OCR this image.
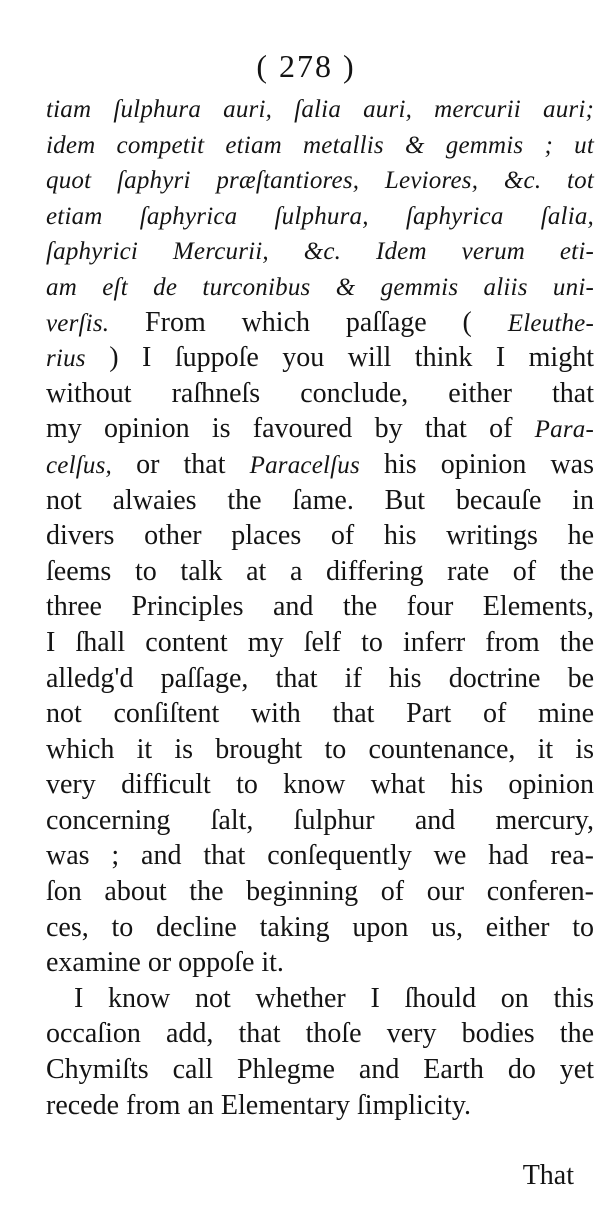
( 278 )
tiam ſulphura auri, ſalia auri, mercurii auri;
idem competit etiam metallis & gemmis ; ut
quot ſaphyri præſtantiores, Leviores, &c. tot
etiam ſaphyrica ſulphura, ſaphyrica ſalia,
ſaphyrici Mercurii, &c. Idem verum eti-
am eſt de turconibus & gemmis aliis uni-
verſis. From which paſſage ( Eleuthe-
rius ) I ſuppoſe you will think I might
without raſhneſs conclude, either that
my opinion is favoured by that of Para-
celſus, or that Paracelſus his opinion was
not alwaies the ſame. But becauſe in
divers other places of his writings he
ſeems to talk at a differing rate of the
three Principles and the four Elements,
I ſhall content my ſelf to inferr from the
alledg'd paſſage, that if his doctrine be
not conſiſtent with that Part of mine
which it is brought to countenance, it is
very difficult to know what his opinion
concerning ſalt, ſulphur and mercury,
was ; and that conſequently we had rea-
ſon about the beginning of our conferen-
ces, to decline taking upon us, either to
examine or oppoſe it.
I know not whether I ſhould on this
occaſion add, that thoſe very bodies the
Chymiſts call Phlegme and Earth do yet
recede from an Elementary ſimplicity.
That
